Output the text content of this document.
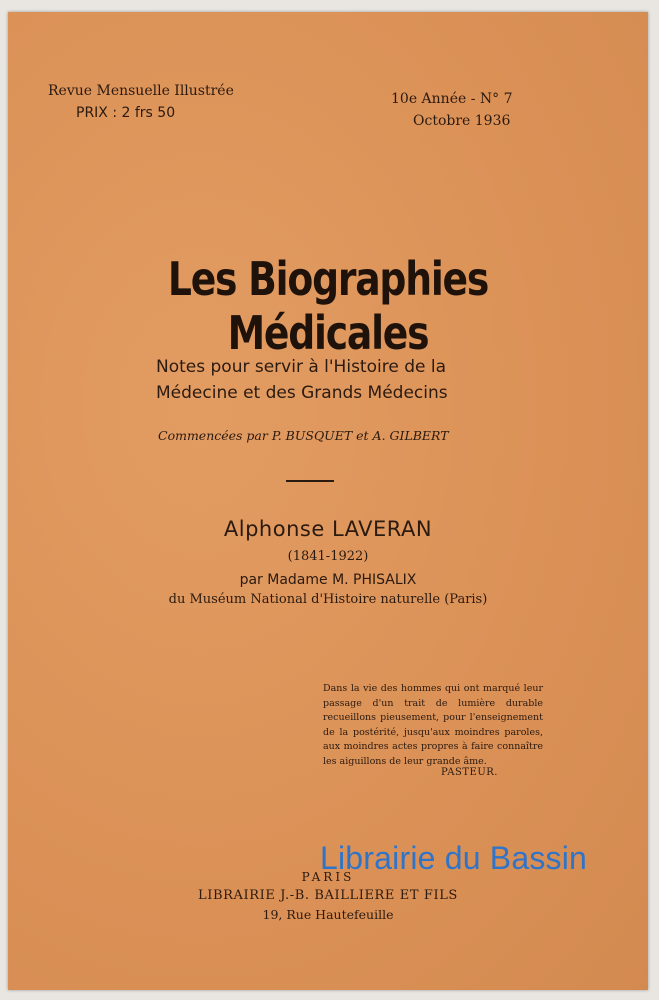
Revue Mensuelle Illustrée
PRIX : 2 frs 50
10e Année - N° 7
Octobre 1936
Les Biographies Médicales
Notes pour servir à l'Histoire de la
Médecine et des Grands Médecins
Commencées par P. BUSQUET et A. GILBERT
Alphonse LAVERAN
(1841-1922)
par Madame M. PHISALIX
du Muséum National d'Histoire naturelle (Paris)
Dans la vie des hommes qui ont marqué leur passage d'un trait de lumière durable recueillons pieusement, pour l'enseignement de la postérité, jusqu'aux moindres paroles, aux moindres actes propres à faire connaître les aiguillons de leur grande âme.
PASTEUR.
PARIS
LIBRAIRIE J.-B. BAILLIERE ET FILS
19, Rue Hautefeuille
Librairie du Bassin
